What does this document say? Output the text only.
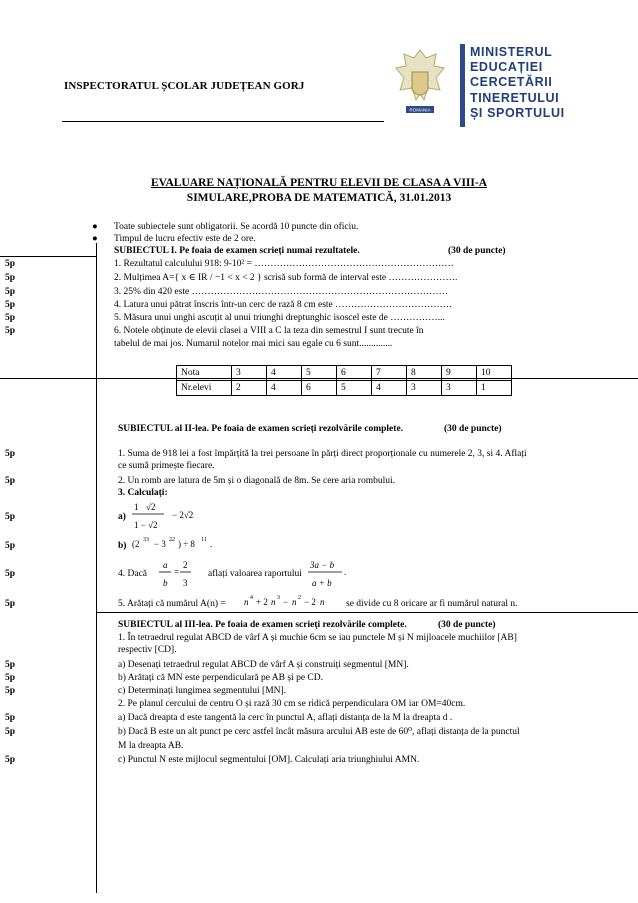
INSPECTORATUL ȘCOLAR JUDEȚEAN GORJ
ROMANIA
MINISTERUL
EDUCAȚIEI
CERCETĂRII
TINERETULUI
ȘI SPORTULUI
EVALUARE NAȚIONALĂ PENTRU ELEVII DE CLASA A VIII-A
SIMULARE,PROBA DE MATEMATICĂ, 31.01.2013
● Toate subiectele sunt obligatorii. Se acordă 10 puncte din oficiu.
● Timpul de lucru efectiv este de 2 ore.
SUBIECTUL I. Pe foaia de examen scrieți numai rezultatele.	(30 de puncte)
5p	1. Rezultatul calculului 918: 9-10² = ………………………………………………………
5p	2. Mulțimea A={ x ∈ IR / −1 < x < 2 } scrisă sub formă de interval este ………………….
5p	3. 25% din 420 este ………………………………………………………………………
5p	4. Latura unui pătrat înscris într-un cerc de rază 8 cm este ……………………………….
5p	5. Măsura unui unghi ascuțit al unui triunghi dreptunghic isoscel este de ……………...
5p	6. Notele obținute de elevii clasei a VIII a C la teza din semestrul I sunt trecute în
tabelul de mai jos. Numarul notelor mai mici sau egale cu 6 sunt..............
Nota	3	4	5	6	7	8	9	10
Nr.elevi	2	4	6	5	4	3	3	1
SUBIECTUL al II-lea. Pe foaia de examen scrieți rezolvările complete.	(30 de puncte)
5p	1. Suma de 918 lei a fost împărțită la trei persoane în părți direct proporționale cu numerele 2, 3, si 4. Aflați
ce sumă primește fiecare.
5p	2. Un romb are latura de 5m și o diagonală de 8m. Se cere aria rombului.
3. Calculați:
5p	a)
1 √2
1 − √2
− 2√2
5p	b) (2 33 − 3 22 ) ÷ 8 11 .
5p	4. Dacă
a 2
=
b 3
aflați valoarea raportului
3a − b
a + b
.
5p	5. Arătați că numărul A(n) = n 4 + 2 n 3 − n 2 − 2 n se divide cu 8 oricare ar fi numărul natural n.
SUBIECTUL al III-lea. Pe foaia de examen scrieți rezolvările complete.	(30 de puncte)
1. În tetraedrul regulat ABCD de vârf A și muchie 6cm se iau punctele M și N mijloacele muchiilor [AB]
respectiv [CD].
5p	a) Desenați tetraedrul regulat ABCD de vârf A și construiți segmentul [MN].
5p	b) Arătați că MN este perpendiculară pe AB și pe CD.
5p	c) Determinați lungimea segmentului [MN].
2. Pe planul cercului de centru O și rază 30 cm se ridică perpendiculara OM iar OM=40cm.
5p	a) Dacă dreapta d este tangentă la cerc în punctul A, aflați distanța de la M la dreapta d .
5p	b) Dacă B este un alt punct pe cerc astfel încât măsura arcului AB este de 60⁰, aflați distanța de la punctul
M la dreapta AB.
5p	c) Punctul N este mijlocul segmentului [OM]. Calculați aria triunghiului AMN.
